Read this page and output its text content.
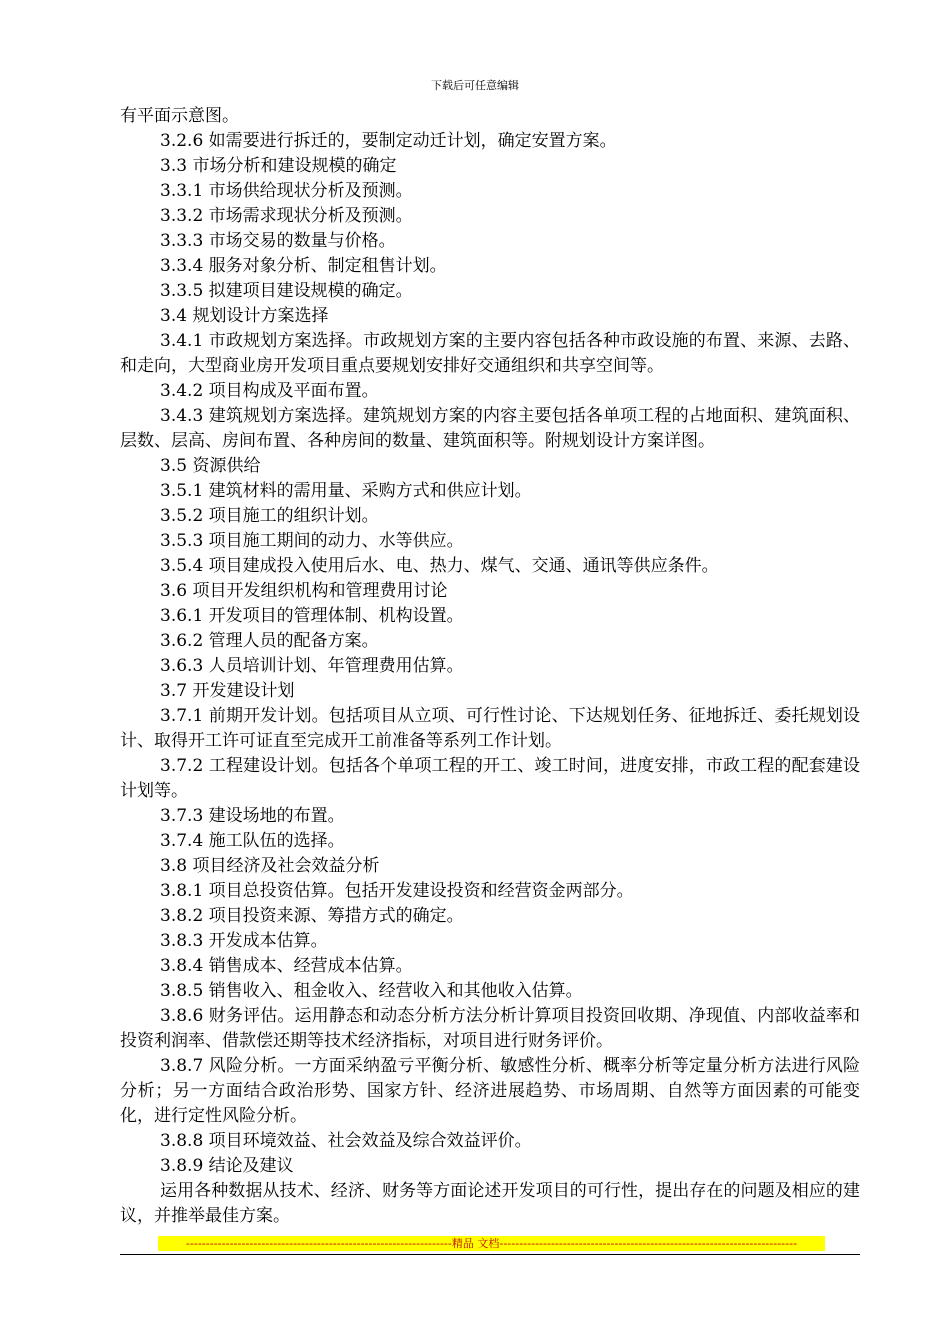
下载后可任意编辑

有平面示意图。

3.2.6 如需要进行拆迁的，要制定动迁计划，确定安置方案。

3.3 市场分析和建设规模的确定

3.3.1 市场供给现状分析及预测。

3.3.2 市场需求现状分析及预测。

3.3.3 市场交易的数量与价格。

3.3.4 服务对象分析、制定租售计划。

3.3.5 拟建项目建设规模的确定。

3.4 规划设计方案选择

3.4.1 市政规划方案选择。市政规划方案的主要内容包括各种市政设施的布置、来源、去路、和走向，大型商业房开发项目重点要规划安排好交通组织和共享空间等。

3.4.2 项目构成及平面布置。

3.4.3 建筑规划方案选择。建筑规划方案的内容主要包括各单项工程的占地面积、建筑面积、层数、层高、房间布置、各种房间的数量、建筑面积等。附规划设计方案详图。

3.5 资源供给

3.5.1 建筑材料的需用量、采购方式和供应计划。

3.5.2 项目施工的组织计划。

3.5.3 项目施工期间的动力、水等供应。

3.5.4 项目建成投入使用后水、电、热力、煤气、交通、通讯等供应条件。

3.6 项目开发组织机构和管理费用讨论

3.6.1 开发项目的管理体制、机构设置。

3.6.2 管理人员的配备方案。

3.6.3 人员培训计划、年管理费用估算。

3.7 开发建设计划

3.7.1 前期开发计划。包括项目从立项、可行性讨论、下达规划任务、征地拆迁、委托规划设计、取得开工许可证直至完成开工前准备等系列工作计划。

3.7.2 工程建设计划。包括各个单项工程的开工、竣工时间，进度安排，市政工程的配套建设计划等。

3.7.3 建设场地的布置。

3.7.4 施工队伍的选择。

3.8 项目经济及社会效益分析

3.8.1 项目总投资估算。包括开发建设投资和经营资金两部分。

3.8.2 项目投资来源、筹措方式的确定。

3.8.3 开发成本估算。

3.8.4 销售成本、经营成本估算。

3.8.5 销售收入、租金收入、经营收入和其他收入估算。

3.8.6 财务评估。运用静态和动态分析方法分析计算项目投资回收期、净现值、内部收益率和投资利润率、借款偿还期等技术经济指标，对项目进行财务评价。

3.8.7 风险分析。一方面采纳盈亏平衡分析、敏感性分析、概率分析等定量分析方法进行风险分析；另一方面结合政治形势、国家方针、经济进展趋势、市场周期、自然等方面因素的可能变化，进行定性风险分析。

3.8.8 项目环境效益、社会效益及综合效益评价。

3.8.9 结论及建议

运用各种数据从技术、经济、财务等方面论述开发项目的可行性，提出存在的问题及相应的建议，并推举最佳方案。

-------------------------------------------------------------------精品 文档---------------------------------------------------------------------------
